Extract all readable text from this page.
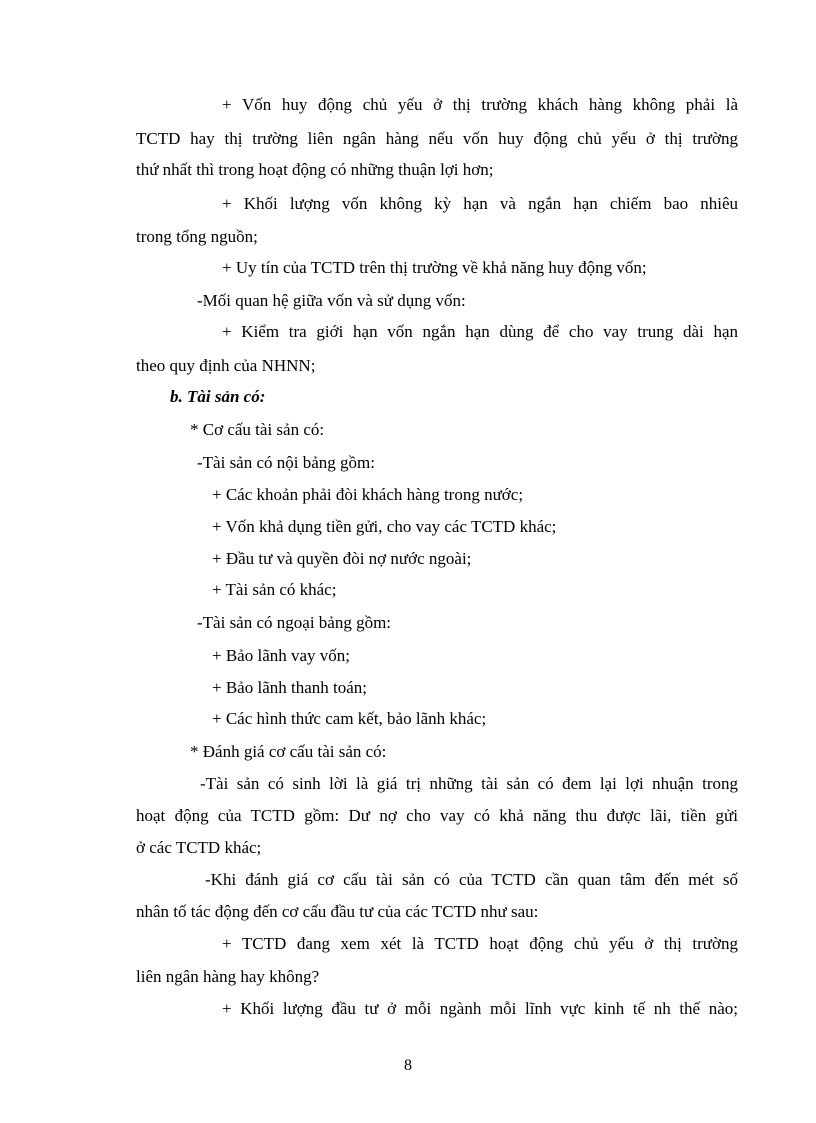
+ Vốn huy động chủ yếu ở thị trường khách hàng không phải là
TCTD hay thị trường liên ngân hàng nếu vốn huy động chủ yếu ở thị trường
thứ nhất thì trong hoạt động có những thuận lợi hơn;
+ Khối lượng vốn không kỳ hạn và ngắn hạn chiếm bao nhiêu
trong tổng nguồn;
+ Uy tín của TCTD trên thị trường về khả năng huy động vốn;
-Mối quan hệ giữa vốn và sử dụng vốn:
+ Kiểm tra giới hạn vốn ngắn hạn dùng để cho vay trung dài hạn
theo quy định của NHNN;
b. Tài sản có:
* Cơ cấu tài sản có:
-Tài sản có nội bảng gồm:
+ Các khoản phải đòi khách hàng trong nước;
+ Vốn khả dụng tiền gửi, cho vay các TCTD khác;
+ Đầu tư và quyền đòi nợ nước ngoài;
+ Tài sản có khác;
-Tài sản có ngoại bảng gồm:
+ Bảo lãnh vay vốn;
+ Bảo lãnh thanh toán;
+ Các hình thức cam kết, bảo lãnh khác;
* Đánh giá cơ cấu tài sản có:
-Tài sản có sinh lời là giá trị những tài sản có đem lại lợi nhuận trong
hoạt động của TCTD gồm: Dư nợ cho vay có khả năng thu được lãi, tiền gửi
ở các TCTD khác;
-Khi đánh giá cơ cấu tài sản có của TCTD cần quan tâm đến mét số
nhân tố tác động đến cơ cấu đầu tư của các TCTD như sau:
+ TCTD đang xem xét là TCTD hoạt động chủ yếu ở thị trường
liên ngân hàng hay không?
+ Khối lượng đầu tư ở mỗi ngành mỗi lĩnh vực kinh tế nh thế nào;
8
